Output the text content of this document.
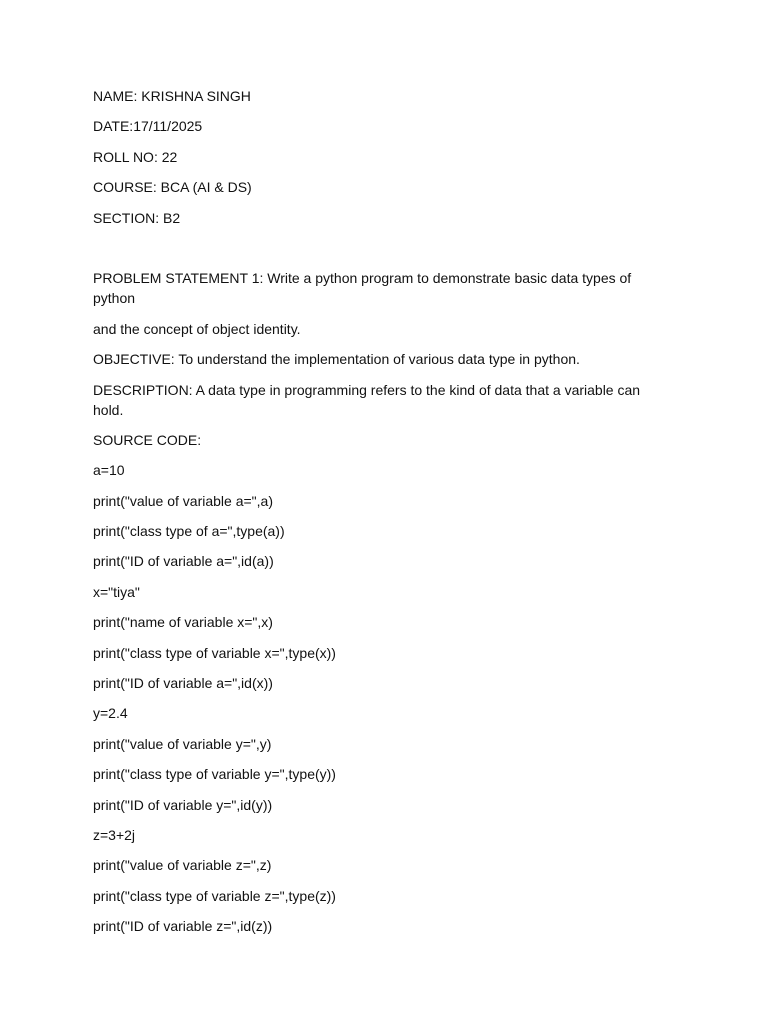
NAME: KRISHNA SINGH

DATE:17/11/2025

ROLL NO: 22

COURSE: BCA (AI & DS)

SECTION: B2

PROBLEM STATEMENT 1: Write a python program to demonstrate basic data types of
python

and the concept of object identity.

OBJECTIVE: To understand the implementation of various data type in python.

DESCRIPTION: A data type in programming refers to the kind of data that a variable can
hold.

SOURCE CODE:

a=10

print("value of variable a=",a)

print("class type of a=",type(a))

print("ID of variable a=",id(a))

x="tiya"

print("name of variable x=",x)

print("class type of variable x=",type(x))

print("ID of variable a=",id(x))

y=2.4

print("value of variable y=",y)

print("class type of variable y=",type(y))

print("ID of variable y=",id(y))

z=3+2j

print("value of variable z=",z)

print("class type of variable z=",type(z))

print("ID of variable z=",id(z))
